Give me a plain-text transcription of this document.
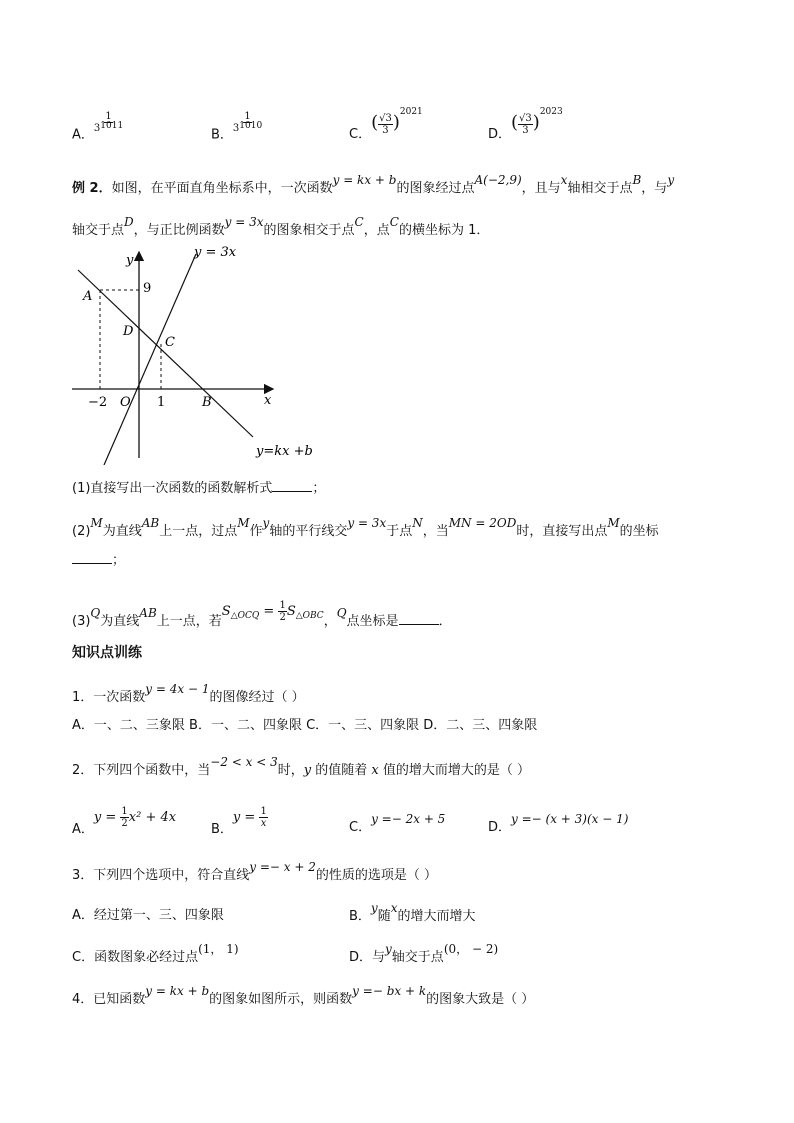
A． $\frac{1}{31011}$	B． $\frac{1}{31010}$	C．( $\frac{√3}{3} )^{2021}$
D．( $\frac{√3}{3} )^{2023}$
例 2．如图，在平面直角坐标系中，一次函数y = kx + b的图象经过点A(−2,9)，且与x轴相交于点B，与y
轴交于点D，与正比例函数y = 3x的图象相交于点C，点C的横坐标为 1．
y = 3x
y
A
9
D
C
−2 O 1	B	x
y=kx +b
(1)直接写出一次函数的函数解析式	；
(2)M为直线AB上一点，过点M作y轴的平行线交y = 3x于点N，当MN = 2OD时，直接写出点M的坐标
；
(3)Q为直线AB上一点，若$S_{\triangle OCQ} = \frac{1}{2} S_{\triangle OBC}$，Q点坐标是	．
知识点训练
1．一次函数y = 4x − 1的图像经过（ ）
A．一、二、三象限 B．一、二、四象限 C．一、三、四象限 D．二、三、四象限
2．下列四个函数中，当−2 < x < 3时，y 的值随着 x 值的增大而增大的是（ ）
A．$y = \frac{1}{2} x^2 + 4x$
B．$y = \frac{1}{x}$	C．y =− 2x + 5
D．y =− (x + 3)(x − 1)
3．下列四个选项中，符合直线y =− x + 2的性质的选项是（ ）
A．经过第一、三、四象限	B．y随x的增大而增大
C．函数图象必经过点(1， 1)
D．与y轴交于点(0， − 2)
4．已知函数y = kx + b的图象如图所示，则函数y =− bx + k的图象大致是（ ）
